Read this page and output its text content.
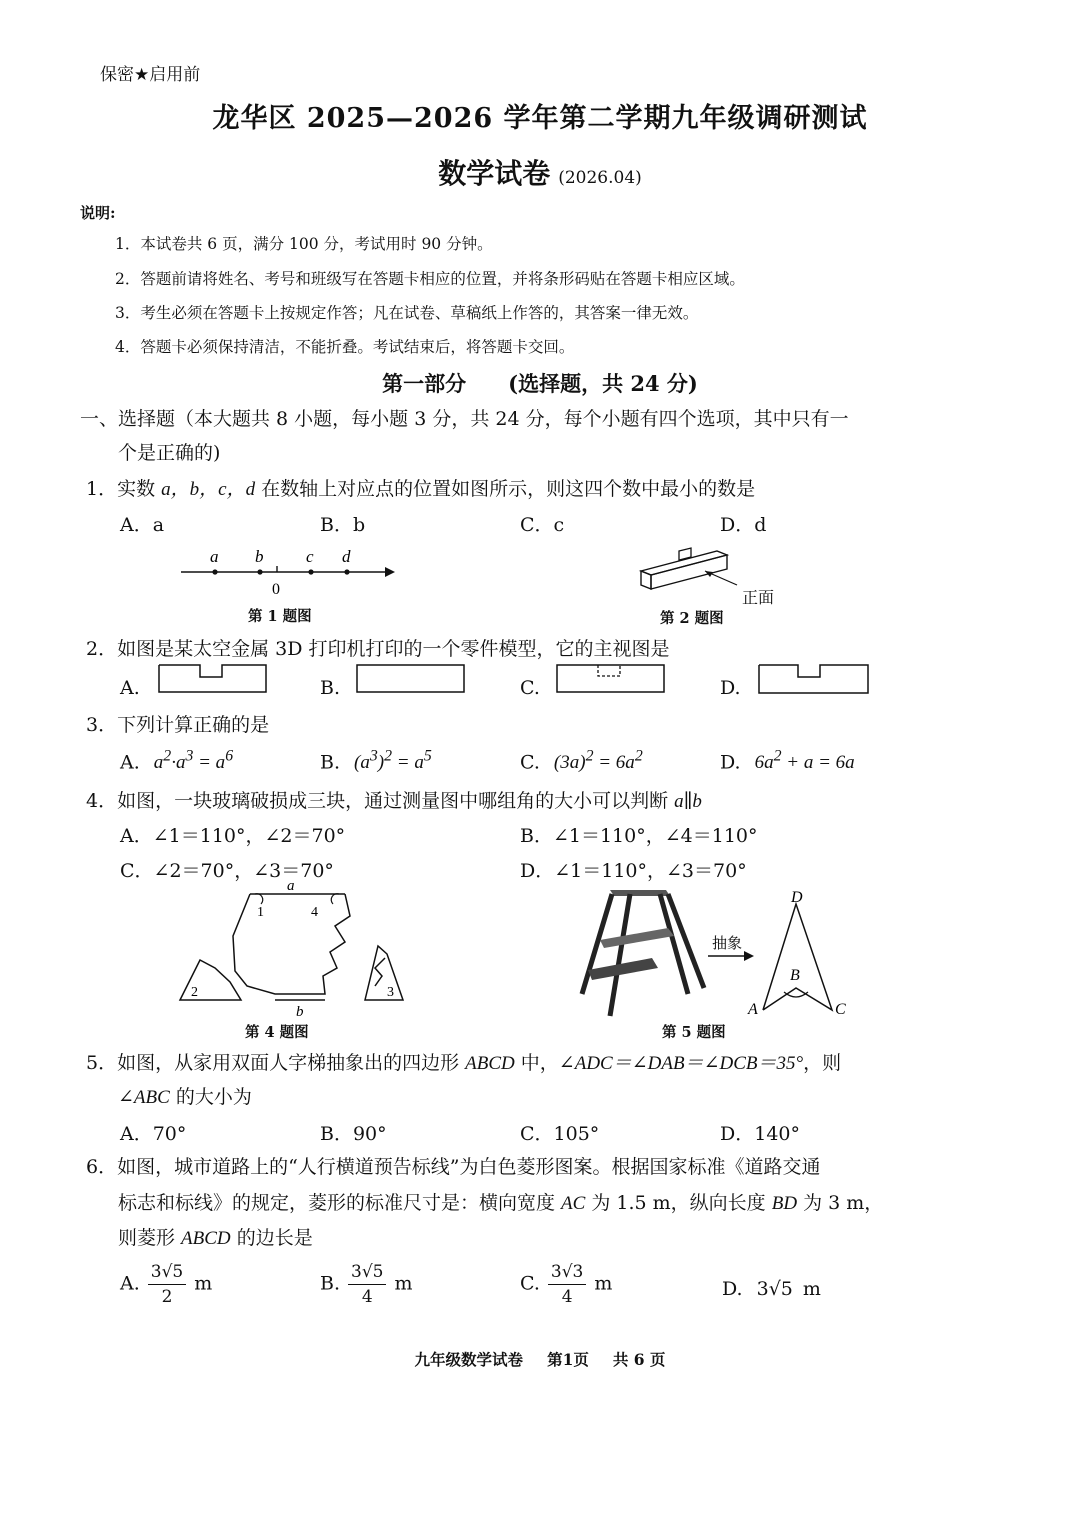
保密★启用前
龙华区 2025—2026 学年第二学期九年级调研测试
数学试卷 (2026.04)
说明:
1．本试卷共 6 页，满分 100 分，考试用时 90 分钟。
2．答题前请将姓名、考号和班级写在答题卡相应的位置，并将条形码贴在答题卡相应区域。
3．考生必须在答题卡上按规定作答；凡在试卷、草稿纸上作答的，其答案一律无效。
4．答题卡必须保持清洁，不能折叠。考试结束后，将答题卡交回。
第一部分　　(选择题，共 24 分)
一、选择题（本大题共 8 小题，每小题 3 分，共 24 分，每个小题有四个选项，其中只有一
个是正确的)
1．实数 a，b，c，d 在数轴上对应点的位置如图所示，则这四个数中最小的数是
A．a	B．b	C．c	D．d
a b	c d
0
第 1 题图
正面
第 2 题图
2．如图是某太空金属 3D 打印机打印的一个零件模型，它的主视图是
A.	B.	C.	D.
3．下列计算正确的是
A. $a^2\cdot a^3 = a^6$	B. $(a^3)^2 = a^5$	C. $(3a)^2 = 6a^2$	D. $6a^2 + a = 6a$
4．如图，一块玻璃破损成三块，通过测量图中哪组角的大小可以判断 a∥b
A．∠1＝110°，∠2＝70°	B．∠1＝110°，∠4＝110°
C．∠2＝70°，∠3＝70°	D．∠1＝110°，∠3＝70°
a
1	4
2	3
b
第 4 题图
抽象
D
B
A	C
第 5 题图
5．如图，从家用双面人字梯抽象出的四边形 ABCD 中，∠ADC＝∠DAB＝∠DCB＝35°，则
∠ABC 的大小为
A．70°	B．90°	C．105°	D．140°
6．如图，城市道路上的“人行横道预告标线”为白色菱形图案。根据国家标准《道路交通
标志和标线》的规定，菱形的标准尺寸是：横向宽度 AC 为 1.5 m，纵向长度 BD 为 3 m，
则菱形 ABCD 的边长是
A. $\frac{3√5}{2}$ m	B. $\frac{3√5}{4}$ m	C. $\frac{3√3}{4}$ m	D. 3√5 m
九年级数学试卷 第1页 共 6 页
